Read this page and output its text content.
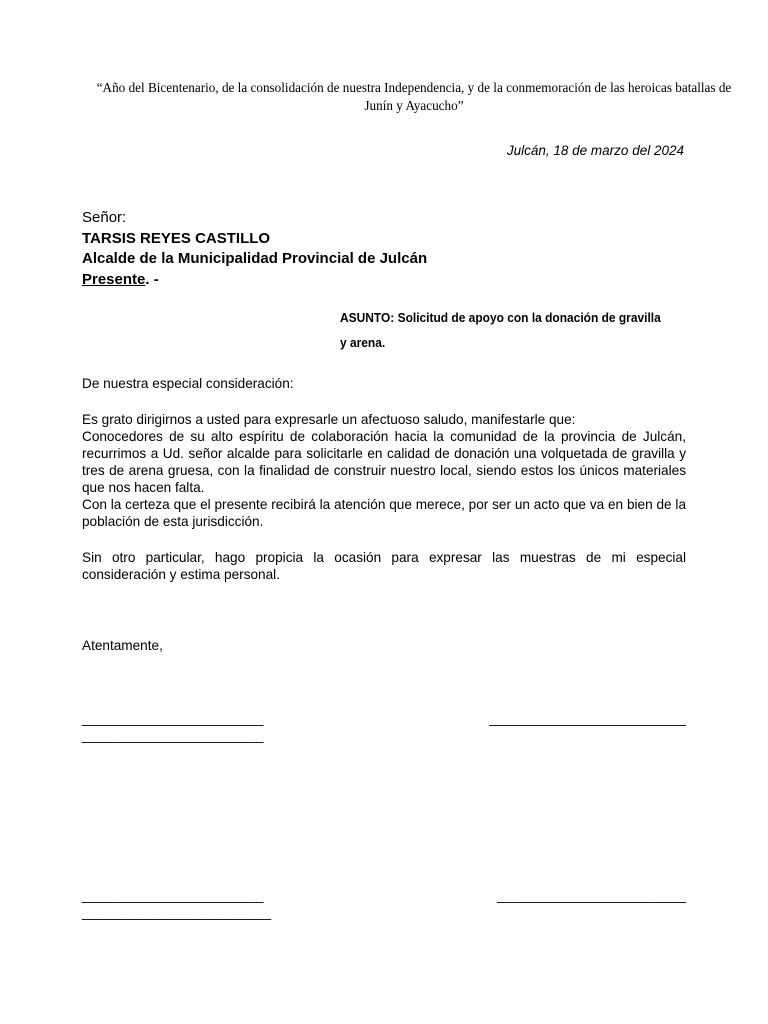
“Año del Bicentenario, de la consolidación de nuestra Independencia, y de la conmemoración de las heroicas batallas de Junín y Ayacucho”
Julcán, 18 de marzo del 2024
Señor:
TARSIS REYES CASTILLO
Alcalde de la Municipalidad Provincial de Julcán
Presente. -
ASUNTO: Solicitud de apoyo con la donación de gravilla y arena.
De nuestra especial consideración:
Es grato dirigirnos a usted para expresarle un afectuoso saludo, manifestarle que:
Conocedores de su alto espíritu de colaboración hacia la comunidad de la provincia de Julcán, recurrimos a Ud. señor alcalde para solicitarle en calidad de donación una volquetada de gravilla y tres de arena gruesa, con la finalidad de construir nuestro local, siendo estos los únicos materiales que nos hacen falta.
Con la certeza que el presente recibirá la atención que merece, por ser un acto que va en bien de la población de esta jurisdicción.
Sin otro particular, hago propicia la ocasión para expresar las muestras de mi especial consideración y estima personal.
Atentamente,
________________________
________________________
__________________________
________________________
_________________________
_________________________
